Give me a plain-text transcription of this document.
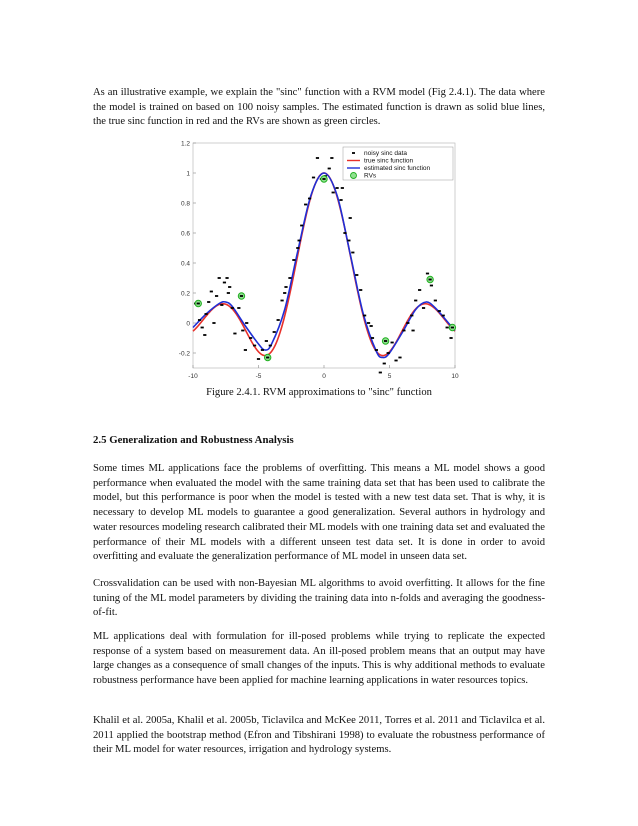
As an illustrative example, we explain the "sinc" function with a RVM model (Fig 2.4.1). The data where the model is trained on based on 100 noisy samples. The estimated function is drawn as solid blue lines, the true sinc function in red and the RVs are shown as green circles.

-10	-5	0	5	10
1.2
1
0.8
0.6
0.4
0.2
0
-0.2
noisy sinc data
true sinc function
estimated sinc function
RVs

Figure 2.4.1. RVM approximations to "sinc" function

2.5 Generalization and Robustness Analysis

Some times ML applications face the problems of overfitting. This means a ML model shows a good performance when evaluated the model with the same training data set that has been used to calibrate the model, but this performance is poor when the model is tested with a new test data set. That is why, it is necessary to develop ML models to guarantee a good generalization. Several authors in hydrology and water resources modeling research calibrated their ML models with one training data set and evaluated the performance of their ML models with a different unseen test data set. It is done in order to avoid overfitting and evaluate the generalization performance of ML model in unseen data set.

Crossvalidation can be used with non-Bayesian ML algorithms to avoid overfitting. It allows for the fine tuning of the ML model parameters by dividing the training data into n-folds and averaging the goodness-of-fit.

ML applications deal with formulation for ill-posed problems while trying to replicate the expected response of a system based on measurement data. An ill-posed problem means that an output may have large changes as a consequence of small changes of the inputs. This is why additional methods to evaluate robustness performance have been applied for machine learning applications in water resources topics.

Khalil et al. 2005a, Khalil et al. 2005b, Ticlavilca and McKee 2011, Torres et al. 2011 and Ticlavilca et al. 2011 applied the bootstrap method (Efron and Tibshirani 1998) to evaluate the robustness performance of their ML model for water resources, irrigation and hydrology systems.
